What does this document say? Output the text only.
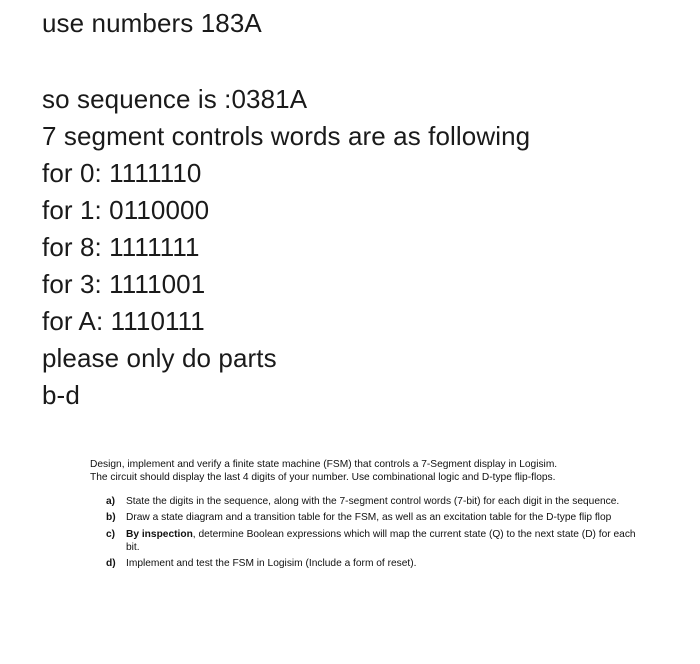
use numbers 183A
so sequence is :0381A
7 segment controls words are as following
for 0: 1111110
for 1: 0110000
for 8: 1111111
for 3: 1111001
for A: 1110111
please only do parts
b-d
Design, implement and verify a finite state machine (FSM) that controls a 7-Segment display in Logisim.
The circuit should display the last 4 digits of your number. Use combinational logic and D-type flip-flops.
a)	State the digits in the sequence, along with the 7-segment control words (7-bit) for each digit in the sequence.
b)	Draw a state diagram and a transition table for the FSM, as well as an excitation table for the D-type flip flop
c)	By inspection, determine Boolean expressions which will map the current state (Q) to the next state (D) for each bit.
d)	Implement and test the FSM in Logisim (Include a form of reset).
